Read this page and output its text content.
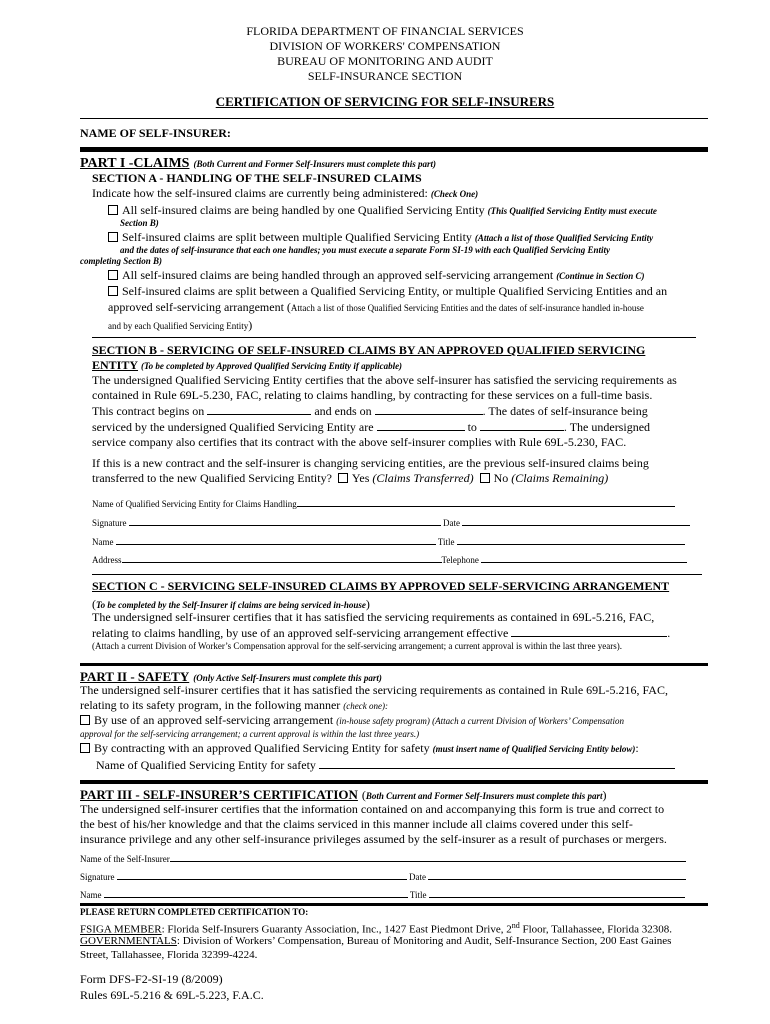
FLORIDA DEPARTMENT OF FINANCIAL SERVICES
DIVISION OF WORKERS' COMPENSATION
BUREAU OF MONITORING AND AUDIT
SELF-INSURANCE SECTION
CERTIFICATION OF SERVICING FOR SELF-INSURERS
NAME OF SELF-INSURER:
PART I -CLAIMS (Both Current and Former Self-Insurers must complete this part)
SECTION A - HANDLING OF THE SELF-INSURED CLAIMS
Indicate how the self-insured claims are currently being administered: (Check One)
All self-insured claims are being handled by one Qualified Servicing Entity (This Qualified Servicing Entity must execute
Section B)
Self-insured claims are split between multiple Qualified Servicing Entity (Attach a list of those Qualified Servicing Entity
and the dates of self-insurance that each one handles; you must execute a separate Form SI-19 with each Qualified Servicing Entity
completing Section B)
All self-insured claims are being handled through an approved self-servicing arrangement (Continue in Section C)
Self-insured claims are split between a Qualified Servicing Entity, or multiple Qualified Servicing Entities and an
approved self-servicing arrangement (Attach a list of those Qualified Servicing Entities and the dates of self-insurance handled in-house
and by each Qualified Servicing Entity)
SECTION B - SERVICING OF SELF-INSURED CLAIMS BY AN APPROVED QUALIFIED SERVICING
ENTITY (To be completed by Approved Qualified Servicing Entity if applicable)
The undersigned Qualified Servicing Entity certifies that the above self-insurer has satisfied the servicing requirements as
contained in Rule 69L-5.230, FAC, relating to claims handling, by contracting for these services on a full-time basis.
This contract begins on	and ends on	. The dates of self-insurance being
serviced by the undersigned Qualified Servicing Entity are	to	. The undersigned
service company also certifies that its contract with the above self-insurer complies with Rule 69L-5.230, FAC.
If this is a new contract and the self-insurer is changing servicing entities, are the previous self-insured claims being
transferred to the new Qualified Servicing Entity? Yes (Claims Transferred) No (Claims Remaining)
Name of Qualified Servicing Entity for Claims Handling
Signature	Date
Name	Title
Address	Telephone
SECTION C - SERVICING SELF-INSURED CLAIMS BY APPROVED SELF-SERVICING ARRANGEMENT
(To be completed by the Self-Insurer if claims are being serviced in-house)
The undersigned self-insurer certifies that it has satisfied the servicing requirements as contained in 69L-5.216, FAC,
relating to claims handling, by use of an approved self-servicing arrangement effective	.
(Attach a current Division of Worker’s Compensation approval for the self-servicing arrangement; a current approval is within the last three years).
PART II - SAFETY (Only Active Self-Insurers must complete this part)
The undersigned self-insurer certifies that it has satisfied the servicing requirements as contained in Rule 69L-5.216, FAC,
relating to its safety program, in the following manner (check one):
By use of an approved self-servicing arrangement (in-house safety program) (Attach a current Division of Workers’ Compensation
approval for the self-servicing arrangement; a current approval is within the last three years.)
By contracting with an approved Qualified Servicing Entity for safety (must insert name of Qualified Servicing Entity below):
Name of Qualified Servicing Entity for safety
PART III - SELF-INSURER’S CERTIFICATION (Both Current and Former Self-Insurers must complete this part)
The undersigned self-insurer certifies that the information contained on and accompanying this form is true and correct to
the best of his/her knowledge and that the claims serviced in this manner include all claims covered under this self-
insurance privilege and any other self-insurance privileges assumed by the self-insurer as a result of purchases or mergers.
Name of the Self-Insurer
Signature	Date
Name	Title
PLEASE RETURN COMPLETED CERTIFICATION TO:
FSIGA MEMBER: Florida Self-Insurers Guaranty Association, Inc., 1427 East Piedmont Drive, 2nd Floor, Tallahassee, Florida 32308.
GOVERNMENTALS: Division of Workers’ Compensation, Bureau of Monitoring and Audit, Self-Insurance Section, 200 East Gaines
Street, Tallahassee, Florida 32399-4224.
Form DFS-F2-SI-19 (8/2009)
Rules 69L-5.216 & 69L-5.223, F.A.C.
